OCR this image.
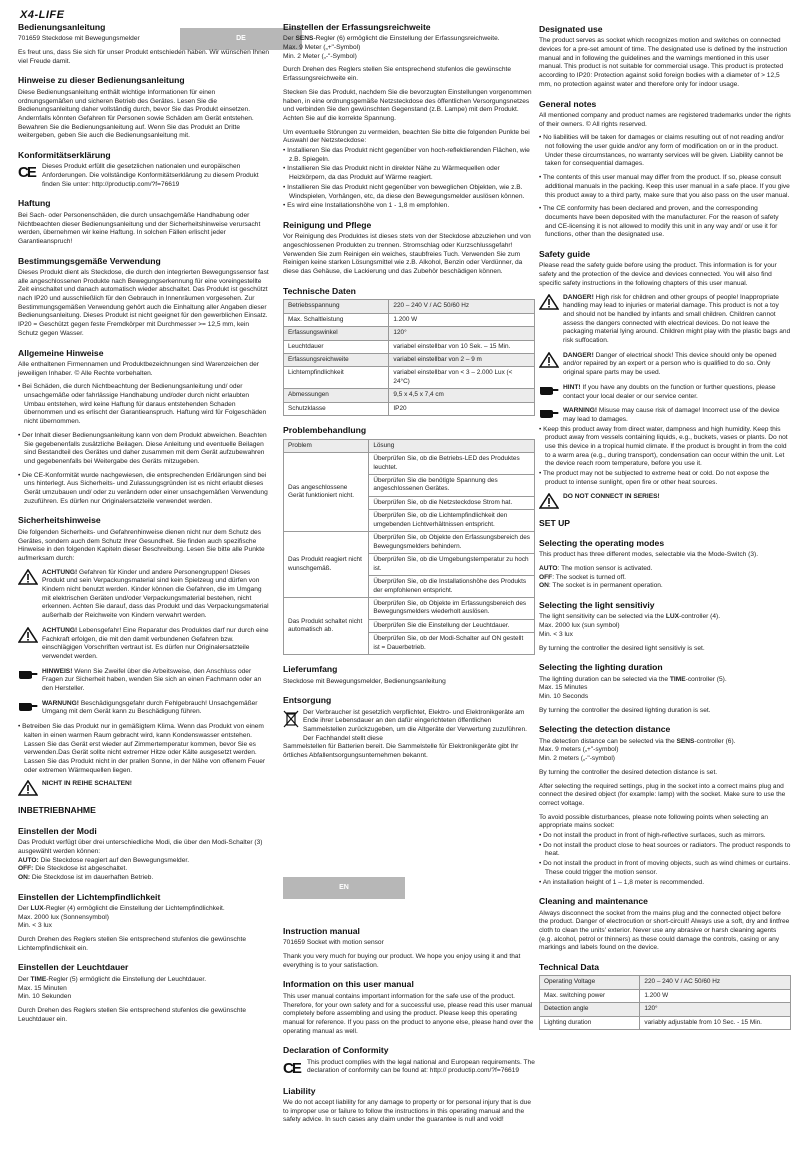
X4-LIFE
DE
Bedienungsanleitung

701659 Steckdose mit Bewegungsmelder

Es freut uns, dass Sie sich für unser Produkt entschieden haben. Wir wünschen Ihnen viel Freude damit.

Hinweise zu dieser Bedienungsanleitung

Diese Bedienungsanleitung enthält wichtige Informationen für einen ordnungsgemäßen und sicheren Betrieb des Gerätes. Lesen Sie die Bedienungsanleitung daher vollständig durch, bevor Sie das Produkt einsetzen. Andernfalls könnten Gefahren für Personen sowie Schäden am Gerät entstehen. Bewahren Sie die Bedienungsanleitung auf. Wenn Sie das Produkt an Dritte weitergeben, geben Sie auch die Bedienungsanleitung mit.

Konformitätserklärung
CE Dieses Produkt erfüllt die gesetzlichen nationalen und europäischen Anforderungen. Die vollständige Konformitätserklärung zu diesem Produkt finden Sie unter: http://productip.com/?f=76619
Haftung

Bei Sach- oder Personenschäden, die durch unsachgemäße Handhabung oder Nichtbeachten dieser Bedienungsanleitung und der Sicherheitshinweise verursacht werden, übernehmen wir keine Haftung. In solchen Fällen erlischt jeder Garantieanspruch!

Bestimmungsgemäße Verwendung

Dieses Produkt dient als Steckdose, die durch den integrierten Bewegungssensor fast alle angeschlossenen Produkte nach Bewegungserkennung für eine voreingestellte Zeit einschaltet und danach automatisch wieder abschaltet. Das Produkt ist geschützt nach IP20 und ausschließlich für den Gebrauch in Innenräumen vorgesehen. Zur Bestimmungsgemäßen Verwendung gehört auch die Einhaltung aller Angaben dieser Bedienungsanleitung. Dieses Produkt ist nicht geeignet für den gewerblichen Einsatz. IP20 = Geschützt gegen feste Fremdkörper mit Durchmesser >= 12,5 mm, kein Schutz gegen Wasser.

Allgemeine Hinweise

Alle enthaltenen Firmennamen und Produktbezeichnungen sind Warenzeichen der jeweiligen Inhaber. © Alle Rechte vorbehalten.

• Bei Schäden, die durch Nichtbeachtung der Bedienungsanleitung und/ oder unsachgemäße oder fahrlässige Handhabung und/oder durch nicht erlaubten Umbau entstehen, wird keine Haftung für daraus entstehenden Schaden übernommen und es erlischt der Garantieanspruch. Haftung wird für Folgeschäden nicht übernommen.
• Der Inhalt dieser Bedienungsanleitung kann von dem Produkt abweichen. Beachten Sie gegebenenfalls zusätzliche Beilagen. Diese Anleitung und eventuelle Beilagen sind Bestandteil des Gerätes und daher zusammen mit dem Gerät aufzubewahren und gegebenenfalls bei Weitergabe des Geräts mitzugeben.
• Die CE-Konformität wurde nachgewiesen, die entsprechenden Erklärungen sind bei uns hinterlegt. Aus Sicherheits- und Zulassungsgründen ist es nicht erlaubt dieses Gerät umzubauen und/ oder zu verändern oder einer unsachgemäßen Verwendung zuzuführen. Es dürfen nur Originalersatzteile verwendet werden.
Sicherheitshinweise

Die folgenden Sicherheits- und Gefahrenhinweise dienen nicht nur dem Schutz des Gerätes, sondern auch dem Schutz Ihrer Gesundheit. Sie finden auch spezifische Hinweise in den folgenden Kapiteln dieser Beschreibung. Lesen Sie bitte alle Punkte aufmerksam durch:

ACHTUNG! Gefahren für Kinder und andere Personengruppen! Dieses Produkt und sein Verpackungsmaterial sind kein Spielzeug und dürfen von Kindern nicht benutzt werden. Kinder können die Gefahren, die im Umgang mit elektrischen Geräten und/oder Verpackungsmaterial bestehen, nicht erkennen. Achten Sie darauf, dass das Produkt und das Verpackungsmaterial außerhalb der Reichweite von Kindern verwahrt werden.
ACHTUNG! Lebensgefahr! Eine Reparatur des Produktes darf nur durch eine Fachkraft erfolgen, die mit den damit verbundenen Gefahren bzw. einschlägigen Vorschriften vertraut ist. Es dürfen nur Originalersatzteile verwendet werden.
HINWEIS! Wenn Sie Zweifel über die Arbeitsweise, den Anschluss oder Fragen zur Sicherheit haben, wenden Sie sich an einen Fachmann oder an den Hersteller.
WARNUNG! Beschädigungsgefahr durch Fehlgebrauch! Unsachgemäßer Umgang mit dem Gerät kann zu Beschädigung führen.
• Betreiben Sie das Produkt nur in gemäßigtem Klima. Wenn das Produkt von einem kalten in einen warmen Raum gebracht wird, kann Kondenswasser entstehen. Lassen Sie das Gerät erst wieder auf Zimmertemperatur kommen, bevor Sie es verwenden.Das Gerät sollte nicht extremer Hitze oder Kälte ausgesetzt werden. Lassen Sie das Produkt nicht in der prallen Sonne, in der Nähe von offenem Feuer oder extremen Wärmequellen liegen.
NICHT IN REIHE SCHALTEN!
INBETRIEBNAHME
Einstellen der Modi

Das Produkt verfügt über drei unterschiedliche Modi, die über den Modi-Schalter (3) ausgewählt werden können:

AUTO: Die Steckdose reagiert auf den Bewegungsmelder.
OFF: Die Steckdose ist abgeschaltet.
ON: Die Steckdose ist im dauerhaften Betrieb.
Einstellen der Lichtempfindlichkeit
Der LUX-Regler (4) ermöglicht die Einstellung der Lichtempfindlichkeit.
Max. 2000 lux (Sonnensymbol)

Min. < 3 lux

Durch Drehen des Reglers stellen Sie entsprechend stufenlos die gewünschte Lichtempfindlichkeit ein.

Einstellen der Leuchtdauer
Der TIME-Regler (5) ermöglicht die Einstellung der Leuchtdauer.
Max. 15 Minuten

Min. 10 Sekunden

Durch Drehen des Reglers stellen Sie entsprechend stufenlos die gewünschte Leuchtdauer ein.

Einstellen der Erfassungsreichweite
Der SENS-Regler (6) ermöglicht die Einstellung der Erfassungsreichweite.
Max. 9 Meter („+"-Symbol)

Min. 2 Meter („-"-Symbol)

Durch Drehen des Reglers stellen Sie entsprechend stufenlos die gewünschte Erfassungsreichweite ein.

Stecken Sie das Produkt, nachdem Sie die bevorzugten Einstellungen vorgenommen haben, in eine ordnungsgemäße Netzsteckdose des öffentlichen Versorgungsnetzes und verbinden Sie den gewünschten Gegenstand (z.B. Lampe) mit dem Produkt. Achten Sie auf die korrekte Spannung.

Um eventuelle Störungen zu vermeiden, beachten Sie bitte die folgenden Punkte bei Auswahl der Netzsteckdose:

• Installieren Sie das Produkt nicht gegenüber von hoch-reflektierenden Flächen, wie z.B. Spiegeln.
• Installieren Sie das Produkt nicht in direkter Nähe zu Wärmequellen oder Heizkörpern, da das Produkt auf Wärme reagiert.
• Installieren Sie das Produkt nicht gegenüber von beweglichen Objekten, wie z.B. Windspielen, Vorhängen, etc, da diese den Bewegungsmelder auslösen können.
• Es wird eine Installationshöhe von 1 - 1,8 m empfohlen.
Reinigung und Pflege

Vor Reinigung des Produktes ist dieses stets von der Steckdose abzuziehen und von angeschlossenen Produkten zu trennen. Stromschlag oder Kurzschlussgefahr! Verwenden Sie zum Reinigen ein weiches, staubfreies Tuch. Verwenden Sie zum Reinigen keine starken Lösungsmittel wie z.B. Alkohol, Benzin oder Verdünner, da diese das Gehäuse, die Lackierung und das Zubehör beschädigen können.

Technische Daten
Betriebsspannung	220 – 240 V / AC 50/60 Hz
Max. Schaltleistung	1.200 W
Erfassungswinkel	120°
Leuchtdauer	variabel einstellbar von 10 Sek. – 15 Min.
Erfassungsreichweite	variabel einstellbar von 2 – 9 m
Lichtempfindlichkeit	variabel einstellbar von < 3 – 2.000 Lux (< 24°C)
Abmessungen	9,5 x 4,5 x 7,4 cm
Schutzklasse	IP20
Problembehandlung
Problem	Lösung
Das angeschlossene Gerät funktioniert nicht.	Überprüfen Sie, ob die Betriebs-LED des Produktes leuchtet.
	Überprüfen Sie die benötigte Spannung des angeschlossenen Gerätes.
	Überprüfen Sie, ob die Netzsteckdose Strom hat.
	Überprüfen Sie, ob die Lichtempfindlichkeit den umgebenden Lichtverhältnissen entspricht.
Das Produkt reagiert nicht wunschgemäß.	Überprüfen Sie, ob Objekte den Erfassungsbereich des Bewegungsmelders behindern.
	Überprüfen Sie, ob die Umgebungstemperatur zu hoch ist.
	Überprüfen Sie, ob die Installationshöhe des Produkts der empfohlenen entspricht.
Das Produkt schaltet nicht automatisch ab.	Überprüfen Sie, ob Objekte im Erfassungsbereich des Bewegungsmelders wiederholt auslösen.
	Überprüfen Sie die Einstellung der Leuchtdauer.
	Überprüfen Sie, ob der Modi-Schalter auf ON gestellt ist = Dauerbetrieb.
Lieferumfang

Steckdose mit Bewegungsmelder, Bedienungsanleitung

Entsorgung
Der Verbraucher ist gesetzlich verpflichtet, Elektro- und Elektronikgeräte am Ende ihrer Lebensdauer an den dafür eingerichteten öffentlichen Sammelstellen zurückzugeben, um die Altgeräte der Verwertung zuzuführen. Der Fachhandel stellt diese

Sammelstellen für Batterien bereit. Die Sammelstelle für Elektronikgeräte gibt Ihr örtliches Abfallentsorgungsunternehmen bekannt.

EN
Instruction manual

701659 Socket with motion sensor

Thank you very much for buying our product. We hope you enjoy using it and that everything is to your satisfaction.

Information on this user manual

This user manual contains important information for the safe use of the product. Therefore, for your own safety and for a successful use, please read this user manual completely before assembling and using the product. Please keep this operating manual for reference. If you pass on the product to anyone else, please hand over the operating manual as well.

Declaration of Conformity
CE This product complies with the legal national and European requirements. The declaration of conformity can be found at: http:// productip.com/?f=76619
Liability

We do not accept liability for any damage to property or for personal injury that is due to improper use or failure to follow the instructions in this operating manual and the safety advice. In such cases any claim under the guarantee is null and void!

Designated use

The product serves as socket which recognizes motion and switches on connected devices for a pre-set amount of time. The designated use is defined by the instruction manual and in following the guidelines and the warnings mentioned in this user manual. This product is not suitable for commercial usage. This product is protected according to IP20: Protection against solid foreign bodies with a diameter of > 12,5 mm, no protection against water and therefore only for indoor usage.

General notes

All mentioned company and product names are registered trademarks under the rights of their owners. © All rights reserved.

• No liabilities will be taken for damages or claims resulting out of not reading and/or not following the user guide and/or any form of modification on or in the product. Under these circumstances, no warranty services will be given. Liability cannot be taken for consequential damages.
• The contents of this user manual may differ from the product. If so, please consult additional manuals in the packing. Keep this user manual in a safe place. If you give this product away to a third party, make sure that you also pass on the user manual.
• The CE conformity has been declared and proven, and the corresponding documents have been deposited with the manufacturer. For the reason of safety and CE-licensing it is not allowed to modify this unit in any way and/ or use it for functions, other than the designated use.
Safety guide

Please read the safety guide before using the product. This information is for your safety and the protection of the device and devices connected. You will also find specific safety instructions in the following chapters of this user manual.

DANGER! High risk for children and other groups of people! Inappropriate handling may lead to injuries or material damage. This product is not a toy and should not be handled by infants and small children. Children cannot assess the dangers connected with electrical devices. Do not leave the packaging material lying around. Children might play with the plastic bags and risk suffocation.
DANGER! Danger of electrical shock! This device should only be opened and/or repaired by an expert or a person who is qualified to do so. Only original spare parts may be used.
HINT! If you have any doubts on the function or further questions, please contact your local dealer or our service center.
WARNING! Misuse may cause risk of damage! Incorrect use of the device may lead to damages.
• Keep this product away from direct water, dampness and high humidity. Keep this product away from vessels containing liquids, e.g., buckets, vases or plants. Do not use this device in a tropical humid climate. If the product is brought in from the cold to a warm area (e.g., during transport), condensation can occur within the unit. Let the device reach room temperature, before you use it.
• The product may not be subjected to extreme heat or cold. Do not expose the product to intense sunlight, open fire or other heat sources.
DO NOT CONNECT IN SERIES!
SET UP
Selecting the operating modes

This product has three different modes, selectable via the Mode-Switch (3).

AUTO: The motion sensor is activated.
OFF: The socket is turned off.
ON: The socket is in permanent operation.
Selecting the light sensitiviy
The light sensitivity can be selected via the LUX-controller (4).
Max. 2000 lux (sun symbol)

Min. < 3 lux

By turning the controller the desired light sensitiviy is set.

Selecting the lighting duration
The lighting duration can be selected via the TIME-controller (5).
Max. 15 Minutes

Min. 10 Seconds

By turning the controller the desired lighting duration is set.

Selecting the detection distance
The detection distance can be selected via the SENS-controller (6).
Max. 9 meters („+"-symbol)

Min. 2 meters („-"-symbol)

By turning the controller the desired detection distance is set.

After selecting the required settings, plug in the socket into a correct mains plug and connect the desired object (for example: lamp) with the socket. Make sure to use the correct voltage.

To avoid possible disturbances, please note following points when selecting an appropriate mains socket:

• Do not install the product in front of high-reflective surfaces, such as mirrors.
• Do not install the product close to heat sources or radiators. The product responds to heat.
• Do not install the product in front of moving objects, such as wind chimes or curtains. These could trigger the motion sensor.
• An installation height of 1 – 1,8 meter is recommended.
Cleaning and maintenance

Always disconnect the socket from the mains plug and the connected object before the product. Danger of electrocution or short-circuit! Always use a soft, dry and lintfree cloth to clean the units' exterior. Never use any abrasive or harsh cleaning agents (e.g. alcohol, petrol or thinners) as these could damage the controls, casing or any markings and labels found on the device.

Technical Data
Operating Voltage	220 – 240 V / AC 50/60 Hz
Max. switching power	1.200 W
Detection angle	120°
Lighting duration	variably adjustable from 10 Sec. - 15 Min.
